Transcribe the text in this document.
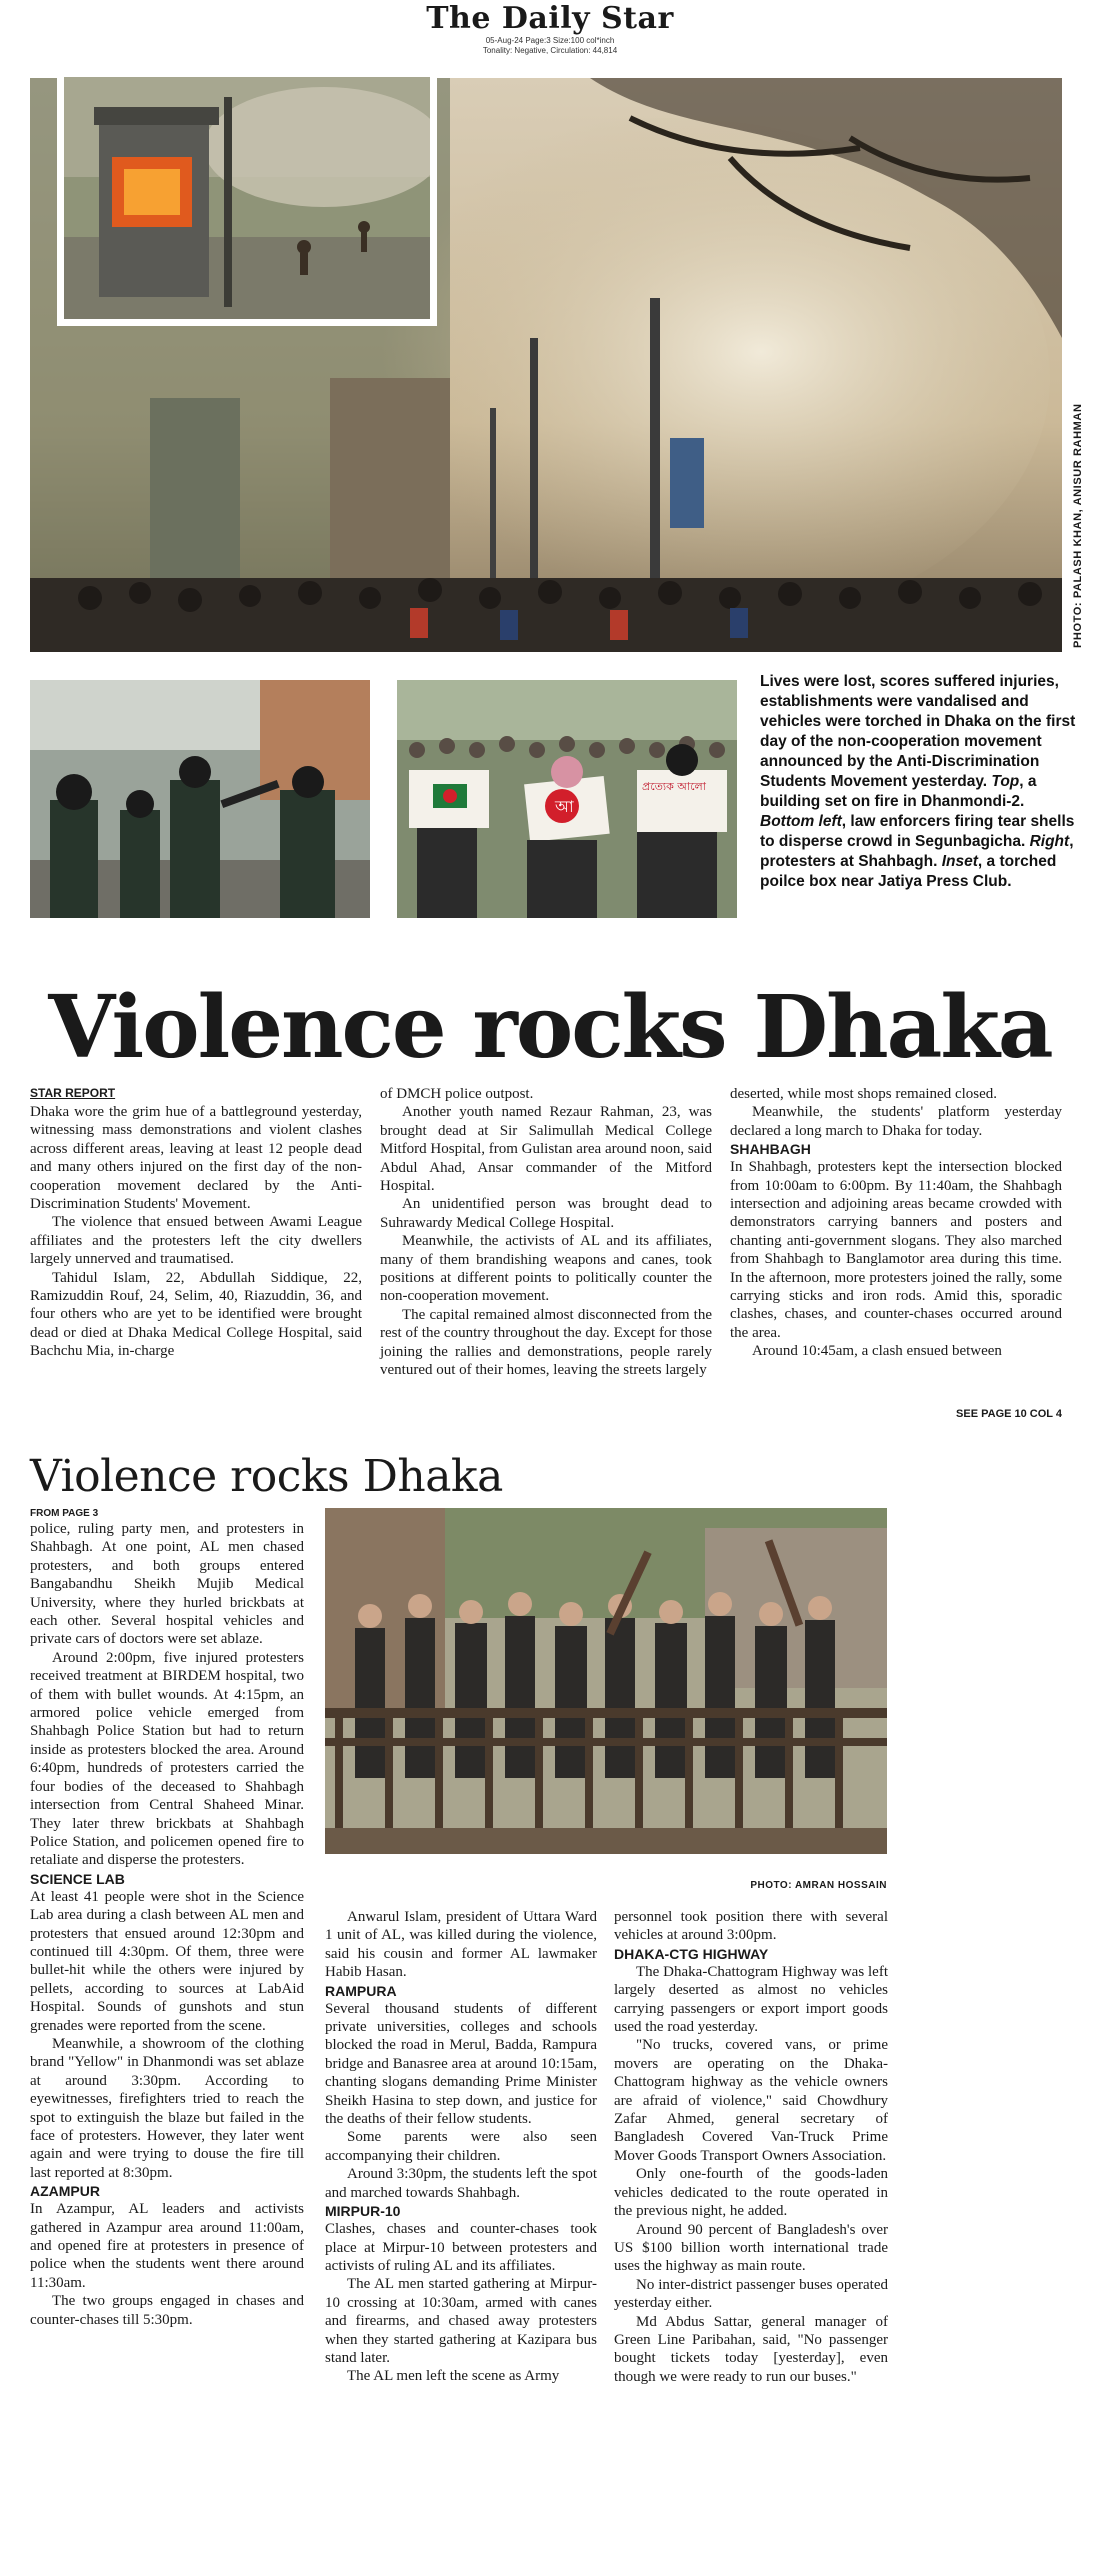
The Daily Star
05-Aug-24 Page:3 Size:100 col*inch
Tonality: Negative, Circulation: 44,814
PHOTO: PALASH KHAN, ANISUR RAHMAN
আ
প্রত্যেক আলো
Lives were lost, scores suffered injuries, establishments were vandalised and vehicles were torched in Dhaka on the first day of the non-cooperation movement announced by the Anti-Discrimination Students Movement yesterday. Top, a building set on fire in Dhanmondi-2. Bottom left, law enforcers firing tear shells to disperse crowd in Segunbagicha. Right, protesters at Shahbagh. Inset, a torched poilce box near Jatiya Press Club.
Violence rocks Dhaka
STAR REPORT

Dhaka wore the grim hue of a battleground yesterday, witnessing mass demonstrations and violent clashes across different areas, leaving at least 12 people dead and many others injured on the first day of the non-cooperation movement declared by the Anti-Discrimination Students' Movement.

The violence that ensued between Awami League affiliates and the protesters left the city dwellers largely unnerved and traumatised.

Tahidul Islam, 22, Abdullah Siddique, 22, Ramizuddin Rouf, 24, Selim, 40, Riazuddin, 36, and four others who are yet to be identified were brought dead or died at Dhaka Medical College Hospital, said Bachchu Mia, in-charge

of DMCH police outpost.

Another youth named Rezaur Rahman, 23, was brought dead at Sir Salimullah Medical College Mitford Hospital, from Gulistan area around noon, said Abdul Ahad, Ansar commander of the Mitford Hospital.

An unidentified person was brought dead to Suhrawardy Medical College Hospital.

Meanwhile, the activists of AL and its affiliates, many of them brandishing weapons and canes, took positions at different points to politically counter the non-cooperation movement.

The capital remained almost disconnected from the rest of the country throughout the day. Except for those joining the rallies and demonstrations, people rarely ventured out of their homes, leaving the streets largely

deserted, while most shops remained closed.

Meanwhile, the students' platform yesterday declared a long march to Dhaka for today.

SHAHBAGH

In Shahbagh, protesters kept the intersection blocked from 10:00am to 6:00pm. By 11:40am, the Shahbagh intersection and adjoining areas became crowded with demonstrators carrying banners and posters and chanting anti-government slogans. They also marched from Shahbagh to Banglamotor area during this time. In the afternoon, more protesters joined the rally, some carrying sticks and iron rods. Amid this, sporadic clashes, chases, and counter-chases occurred around the area.

Around 10:45am, a clash ensued between

SEE PAGE 10 COL 4
Violence rocks Dhaka
PHOTO: AMRAN HOSSAIN
FROM PAGE 3

police, ruling party men, and protesters in Shahbagh. At one point, AL men chased protesters, and both groups entered Bangabandhu Sheikh Mujib Medical University, where they hurled brickbats at each other. Several hospital vehicles and private cars of doctors were set ablaze.

Around 2:00pm, five injured protesters received treatment at BIRDEM hospital, two of them with bullet wounds. At 4:15pm, an armored police vehicle emerged from Shahbagh Police Station but had to return inside as protesters blocked the area. Around 6:40pm, hundreds of protesters carried the four bodies of the deceased to Shahbagh intersection from Central Shaheed Minar. They later threw brickbats at Shahbagh Police Station, and policemen opened fire to retaliate and disperse the protesters.

SCIENCE LAB

At least 41 people were shot in the Science Lab area during a clash between AL men and protesters that ensued around 12:30pm and continued till 4:30pm. Of them, three were bullet-hit while the others were injured by pellets, according to sources at LabAid Hospital. Sounds of gunshots and stun grenades were reported from the scene.

Meanwhile, a showroom of the clothing brand "Yellow" in Dhanmondi was set ablaze at around 3:30pm. According to eyewitnesses, firefighters tried to reach the spot to extinguish the blaze but failed in the face of protesters. However, they later went again and were trying to douse the fire till last reported at 8:30pm.

AZAMPUR

In Azampur, AL leaders and activists gathered in Azampur area around 11:00am, and opened fire at protesters in presence of police when the students went there around 11:30am.

The two groups engaged in chases and counter-chases till 5:30pm.

Anwarul Islam, president of Uttara Ward 1 unit of AL, was killed during the violence, said his cousin and former AL lawmaker Habib Hasan.

RAMPURA

Several thousand students of different private universities, colleges and schools blocked the road in Merul, Badda, Rampura bridge and Banasree area at around 10:15am, chanting slogans demanding Prime Minister Sheikh Hasina to step down, and justice for the deaths of their fellow students.

Some parents were also seen accompanying their children.

Around 3:30pm, the students left the spot and marched towards Shahbagh.

MIRPUR-10

Clashes, chases and counter-chases took place at Mirpur-10 between protesters and activists of ruling AL and its affiliates.

The AL men started gathering at Mirpur-10 crossing at 10:30am, armed with canes and firearms, and chased away protesters when they started gathering at Kazipara bus stand later.

The AL men left the scene as Army

personnel took position there with several vehicles at around 3:00pm.

DHAKA-CTG HIGHWAY

The Dhaka-Chattogram Highway was left largely deserted as almost no vehicles carrying passengers or export import goods used the road yesterday.

"No trucks, covered vans, or prime movers are operating on the Dhaka-Chattogram highway as the vehicle owners are afraid of violence," said Chowdhury Zafar Ahmed, general secretary of Bangladesh Covered Van-Truck Prime Mover Goods Transport Owners Association.

Only one-fourth of the goods-laden vehicles dedicated to the route operated in the previous night, he added.

Around 90 percent of Bangladesh's over US $100 billion worth international trade uses the highway as main route.

No inter-district passenger buses operated yesterday either.

Md Abdus Sattar, general manager of Green Line Paribahan, said, "No passenger bought tickets today [yesterday], even though we were ready to run our buses."
